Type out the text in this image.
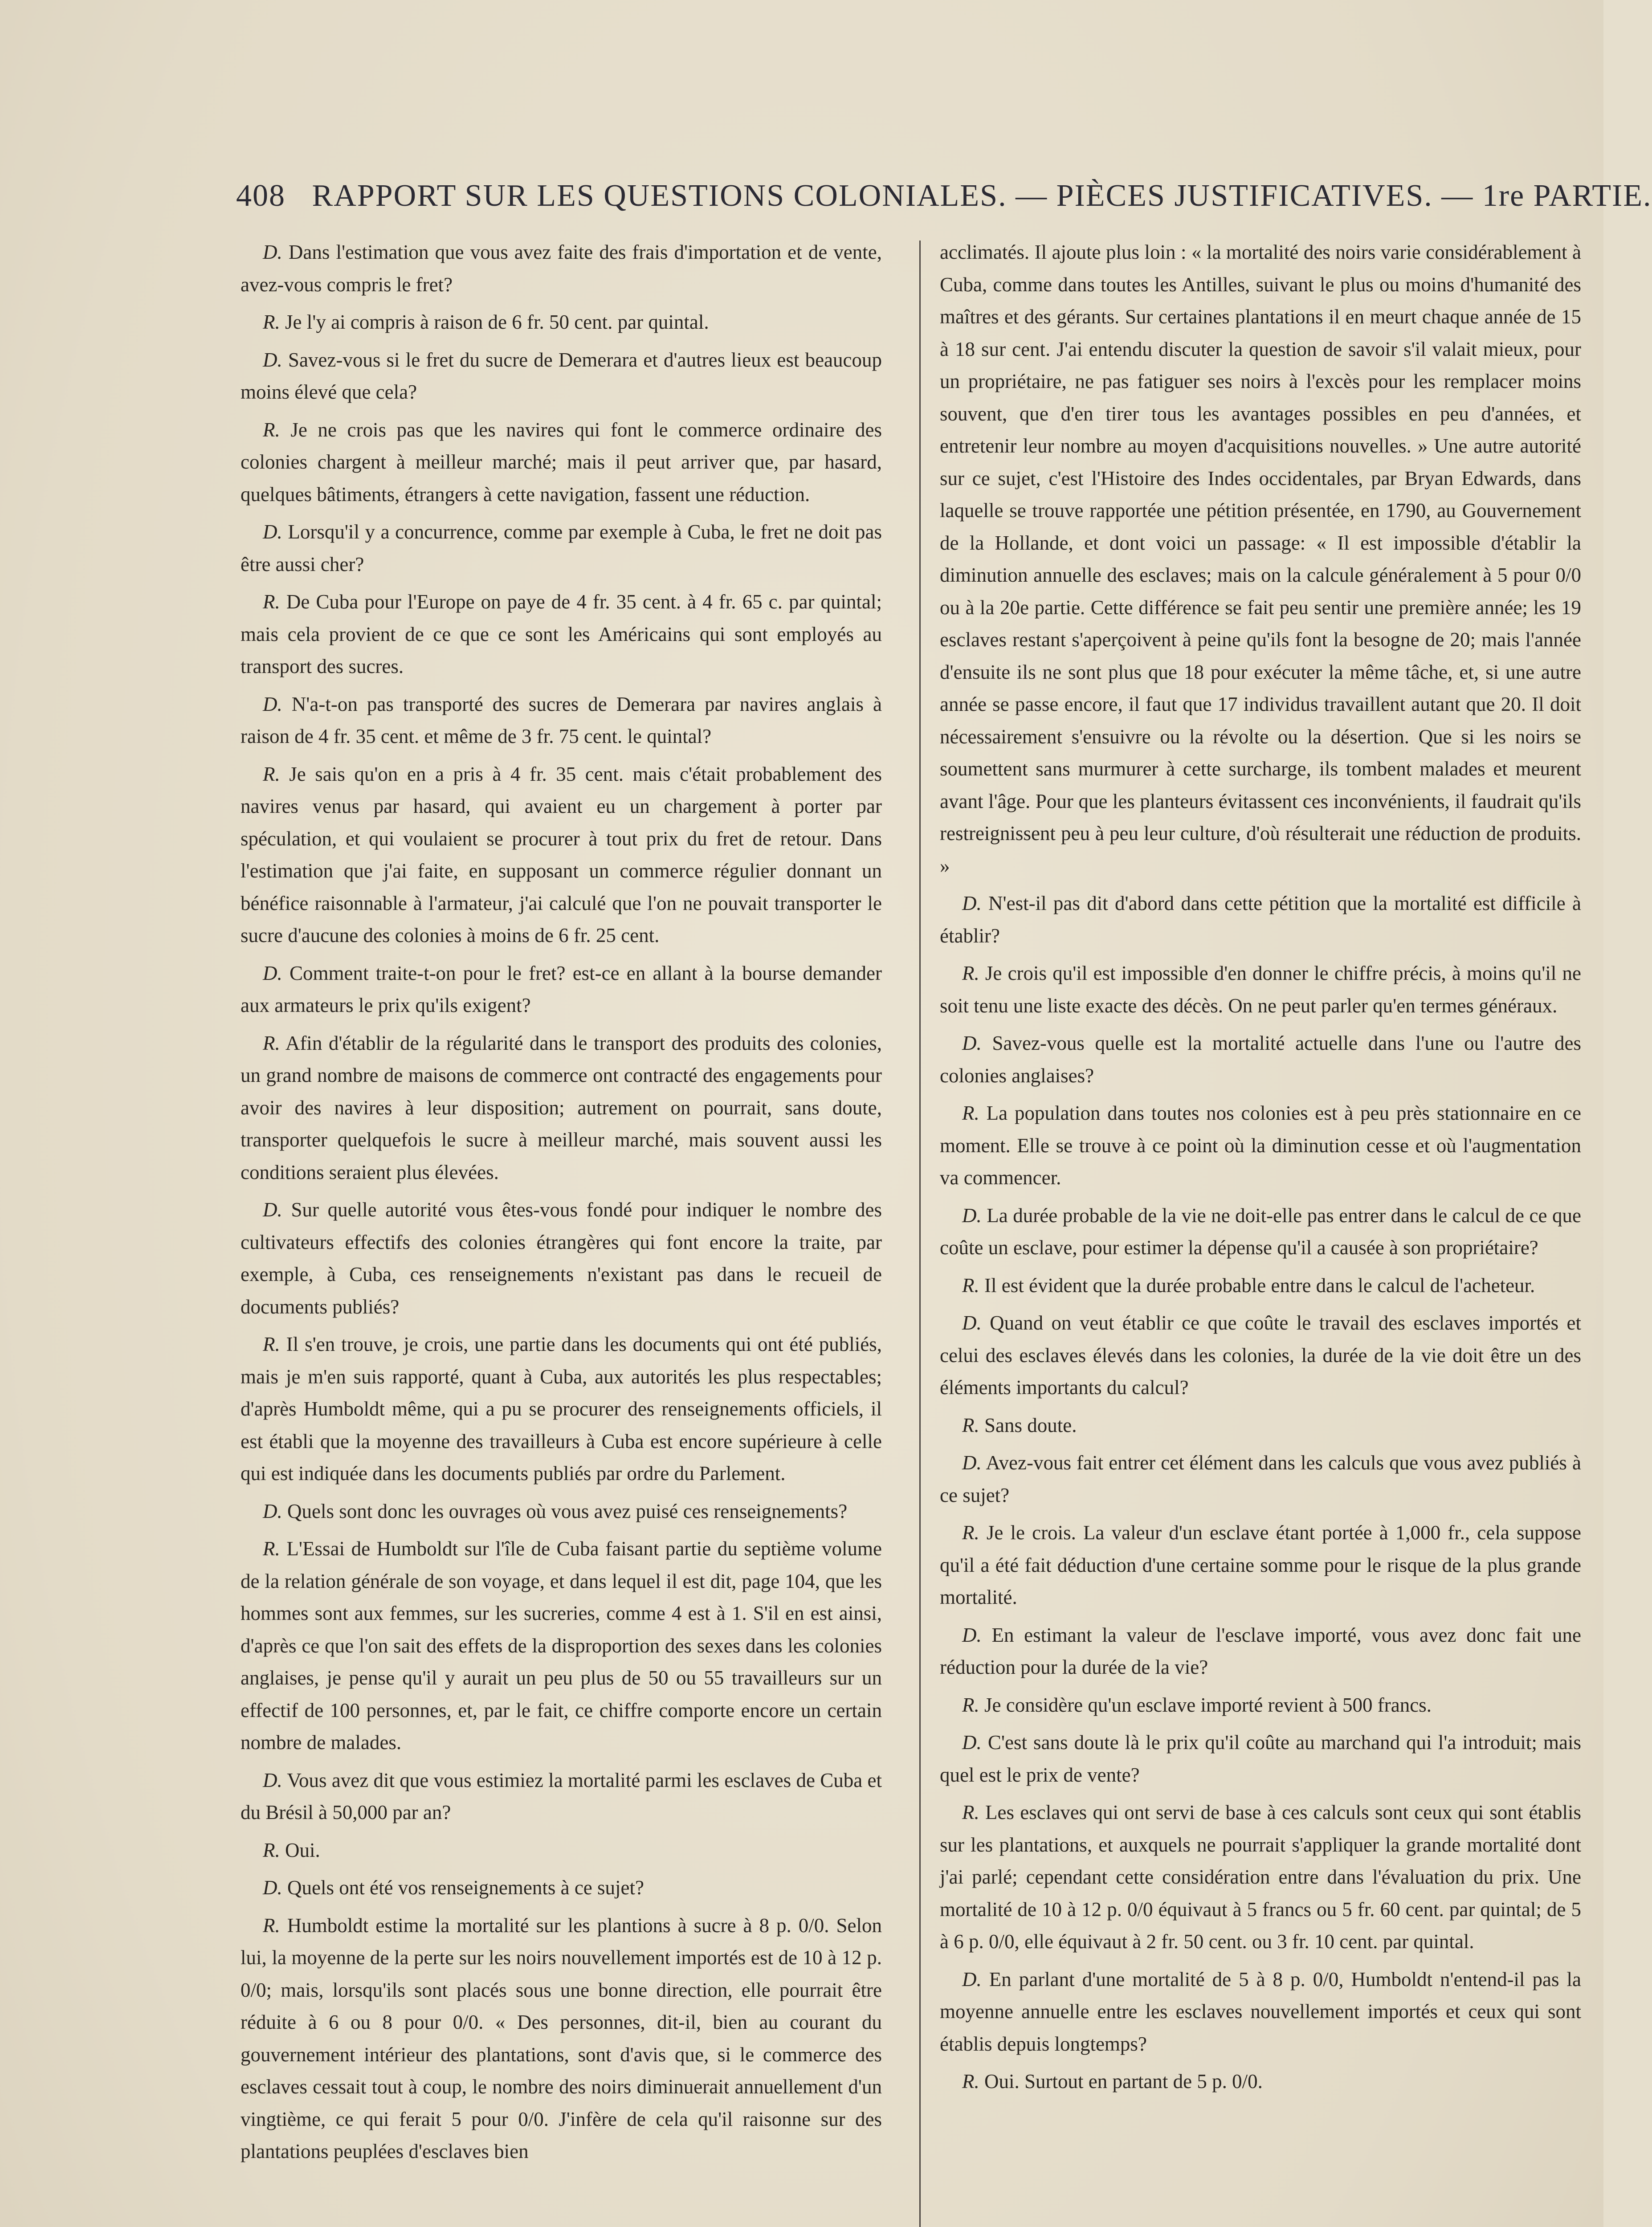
408 RAPPORT SUR LES QUESTIONS COLONIALES. — PIÈCES JUSTIFICATIVES. — 1re PARTIE.

D. Dans l'estimation que vous avez faite des frais d'importation et de vente, avez-vous compris le fret?

R. Je l'y ai compris à raison de 6 fr. 50 cent. par quintal.

D. Savez-vous si le fret du sucre de Demerara et d'autres lieux est beaucoup moins élevé que cela?

R. Je ne crois pas que les navires qui font le commerce ordinaire des colonies chargent à meilleur marché; mais il peut arriver que, par hasard, quelques bâtiments, étrangers à cette navigation, fassent une réduction.

D. Lorsqu'il y a concurrence, comme par exemple à Cuba, le fret ne doit pas être aussi cher?

R. De Cuba pour l'Europe on paye de 4 fr. 35 cent. à 4 fr. 65 c. par quintal; mais cela provient de ce que ce sont les Américains qui sont employés au transport des sucres.

D. N'a-t-on pas transporté des sucres de Demerara par navires anglais à raison de 4 fr. 35 cent. et même de 3 fr. 75 cent. le quintal?

R. Je sais qu'on en a pris à 4 fr. 35 cent. mais c'était probablement des navires venus par hasard, qui avaient eu un chargement à porter par spéculation, et qui voulaient se procurer à tout prix du fret de retour. Dans l'estimation que j'ai faite, en supposant un commerce régulier donnant un bénéfice raisonnable à l'armateur, j'ai calculé que l'on ne pouvait transporter le sucre d'aucune des colonies à moins de 6 fr. 25 cent.

D. Comment traite-t-on pour le fret? est-ce en allant à la bourse demander aux armateurs le prix qu'ils exigent?

R. Afin d'établir de la régularité dans le transport des produits des colonies, un grand nombre de maisons de commerce ont contracté des engagements pour avoir des navires à leur disposition; autrement on pourrait, sans doute, transporter quelquefois le sucre à meilleur marché, mais souvent aussi les conditions seraient plus élevées.

D. Sur quelle autorité vous êtes-vous fondé pour indiquer le nombre des cultivateurs effectifs des colonies étrangères qui font encore la traite, par exemple, à Cuba, ces renseignements n'existant pas dans le recueil de documents publiés?

R. Il s'en trouve, je crois, une partie dans les documents qui ont été publiés, mais je m'en suis rapporté, quant à Cuba, aux autorités les plus respectables; d'après Humboldt même, qui a pu se procurer des renseignements officiels, il est établi que la moyenne des travailleurs à Cuba est encore supérieure à celle qui est indiquée dans les documents publiés par ordre du Parlement.

D. Quels sont donc les ouvrages où vous avez puisé ces renseignements?

R. L'Essai de Humboldt sur l'île de Cuba faisant partie du septième volume de la relation générale de son voyage, et dans lequel il est dit, page 104, que les hommes sont aux femmes, sur les sucreries, comme 4 est à 1. S'il en est ainsi, d'après ce que l'on sait des effets de la disproportion des sexes dans les colonies anglaises, je pense qu'il y aurait un peu plus de 50 ou 55 travailleurs sur un effectif de 100 personnes, et, par le fait, ce chiffre comporte encore un certain nombre de malades.

D. Vous avez dit que vous estimiez la mortalité parmi les esclaves de Cuba et du Brésil à 50,000 par an?

R. Oui.

D. Quels ont été vos renseignements à ce sujet?

R. Humboldt estime la mortalité sur les plantions à sucre à 8 p. 0/0. Selon lui, la moyenne de la perte sur les noirs nouvellement importés est de 10 à 12 p. 0/0; mais, lorsqu'ils sont placés sous une bonne direction, elle pourrait être réduite à 6 ou 8 pour 0/0. « Des personnes, dit-il, bien au courant du gouvernement intérieur des plantations, sont d'avis que, si le commerce des esclaves cessait tout à coup, le nombre des noirs diminuerait annuellement d'un vingtième, ce qui ferait 5 pour 0/0. J'infère de cela qu'il raisonne sur des plantations peuplées d'esclaves bien

acclimatés. Il ajoute plus loin : « la mortalité des noirs varie considérablement à Cuba, comme dans toutes les Antilles, suivant le plus ou moins d'humanité des maîtres et des gérants. Sur certaines plantations il en meurt chaque année de 15 à 18 sur cent. J'ai entendu discuter la question de savoir s'il valait mieux, pour un propriétaire, ne pas fatiguer ses noirs à l'excès pour les remplacer moins souvent, que d'en tirer tous les avantages possibles en peu d'années, et entretenir leur nombre au moyen d'acquisitions nouvelles. » Une autre autorité sur ce sujet, c'est l'Histoire des Indes occidentales, par Bryan Edwards, dans laquelle se trouve rapportée une pétition présentée, en 1790, au Gouvernement de la Hollande, et dont voici un passage: « Il est impossible d'établir la diminution annuelle des esclaves; mais on la calcule généralement à 5 pour 0/0 ou à la 20e partie. Cette différence se fait peu sentir une première année; les 19 esclaves restant s'aperçoivent à peine qu'ils font la besogne de 20; mais l'année d'ensuite ils ne sont plus que 18 pour exécuter la même tâche, et, si une autre année se passe encore, il faut que 17 individus travaillent autant que 20. Il doit nécessairement s'ensuivre ou la révolte ou la désertion. Que si les noirs se soumettent sans murmurer à cette surcharge, ils tombent malades et meurent avant l'âge. Pour que les planteurs évitassent ces inconvénients, il faudrait qu'ils restreignissent peu à peu leur culture, d'où résulterait une réduction de produits. »

D. N'est-il pas dit d'abord dans cette pétition que la mortalité est difficile à établir?

R. Je crois qu'il est impossible d'en donner le chiffre précis, à moins qu'il ne soit tenu une liste exacte des décès. On ne peut parler qu'en termes généraux.

D. Savez-vous quelle est la mortalité actuelle dans l'une ou l'autre des colonies anglaises?

R. La population dans toutes nos colonies est à peu près stationnaire en ce moment. Elle se trouve à ce point où la diminution cesse et où l'augmentation va commencer.

D. La durée probable de la vie ne doit-elle pas entrer dans le calcul de ce que coûte un esclave, pour estimer la dépense qu'il a causée à son propriétaire?

R. Il est évident que la durée probable entre dans le calcul de l'acheteur.

D. Quand on veut établir ce que coûte le travail des esclaves importés et celui des esclaves élevés dans les colonies, la durée de la vie doit être un des éléments importants du calcul?

R. Sans doute.

D. Avez-vous fait entrer cet élément dans les calculs que vous avez publiés à ce sujet?

R. Je le crois. La valeur d'un esclave étant portée à 1,000 fr., cela suppose qu'il a été fait déduction d'une certaine somme pour le risque de la plus grande mortalité.

D. En estimant la valeur de l'esclave importé, vous avez donc fait une réduction pour la durée de la vie?

R. Je considère qu'un esclave importé revient à 500 francs.

D. C'est sans doute là le prix qu'il coûte au marchand qui l'a introduit; mais quel est le prix de vente?

R. Les esclaves qui ont servi de base à ces calculs sont ceux qui sont établis sur les plantations, et auxquels ne pourrait s'appliquer la grande mortalité dont j'ai parlé; cependant cette considération entre dans l'évaluation du prix. Une mortalité de 10 à 12 p. 0/0 équivaut à 5 francs ou 5 fr. 60 cent. par quintal; de 5 à 6 p. 0/0, elle équivaut à 2 fr. 50 cent. ou 3 fr. 10 cent. par quintal.

D. En parlant d'une mortalité de 5 à 8 p. 0/0, Humboldt n'entend-il pas la moyenne annuelle entre les esclaves nouvellement importés et ceux qui sont établis depuis longtemps?

R. Oui. Surtout en partant de 5 p. 0/0.
